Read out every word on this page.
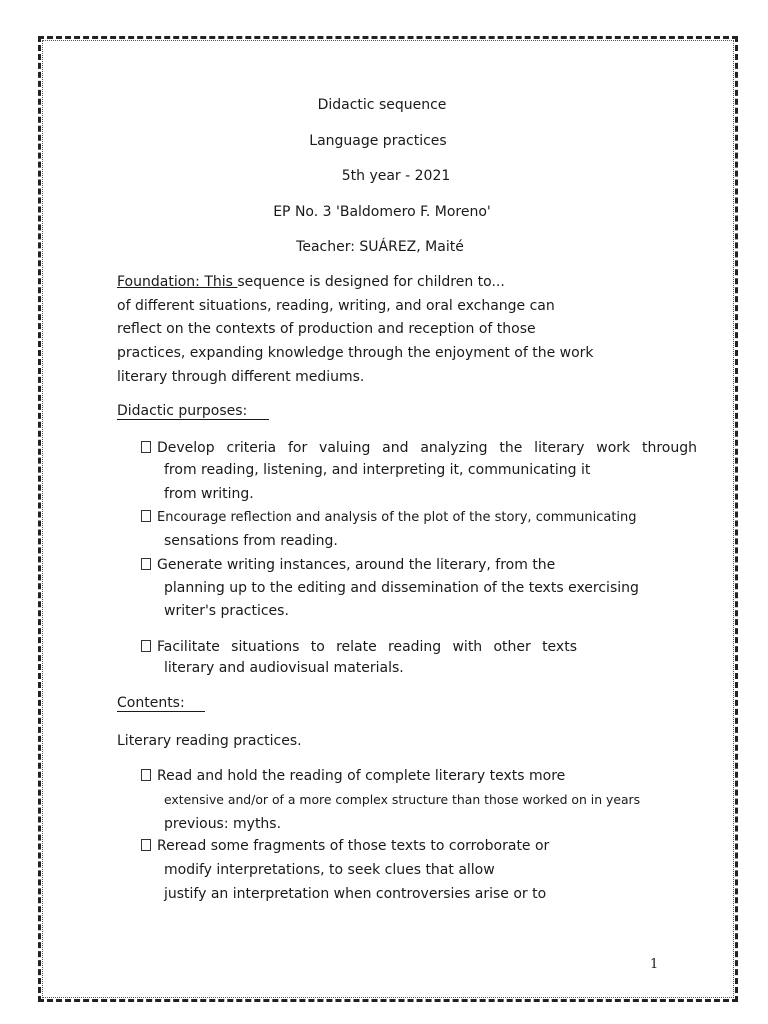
Didactic sequence
Language practices
5th year - 2021
EP No. 3 'Baldomero F. Moreno'
Teacher: SUÁREZ, Maité
Foundation: This sequence is designed for children to...
of different situations, reading, writing, and oral exchange can
reflect on the contexts of production and reception of those
practices, expanding knowledge through the enjoyment of the work
literary through different mediums.
Didactic purposes:
Develop criteria for valuing and analyzing the literary work through
from reading, listening, and interpreting it, communicating it
from writing.
Encourage reflection and analysis of the plot of the story, communicating
sensations from reading.
Generate writing instances, around the literary, from the
planning up to the editing and dissemination of the texts exercising
writer's practices.
Facilitate situations to relate reading with other texts
literary and audiovisual materials.
Contents:
Literary reading practices.
Read and hold the reading of complete literary texts more
extensive and/or of a more complex structure than those worked on in years
previous: myths.
Reread some fragments of those texts to corroborate or
modify interpretations, to seek clues that allow
justify an interpretation when controversies arise or to
1
